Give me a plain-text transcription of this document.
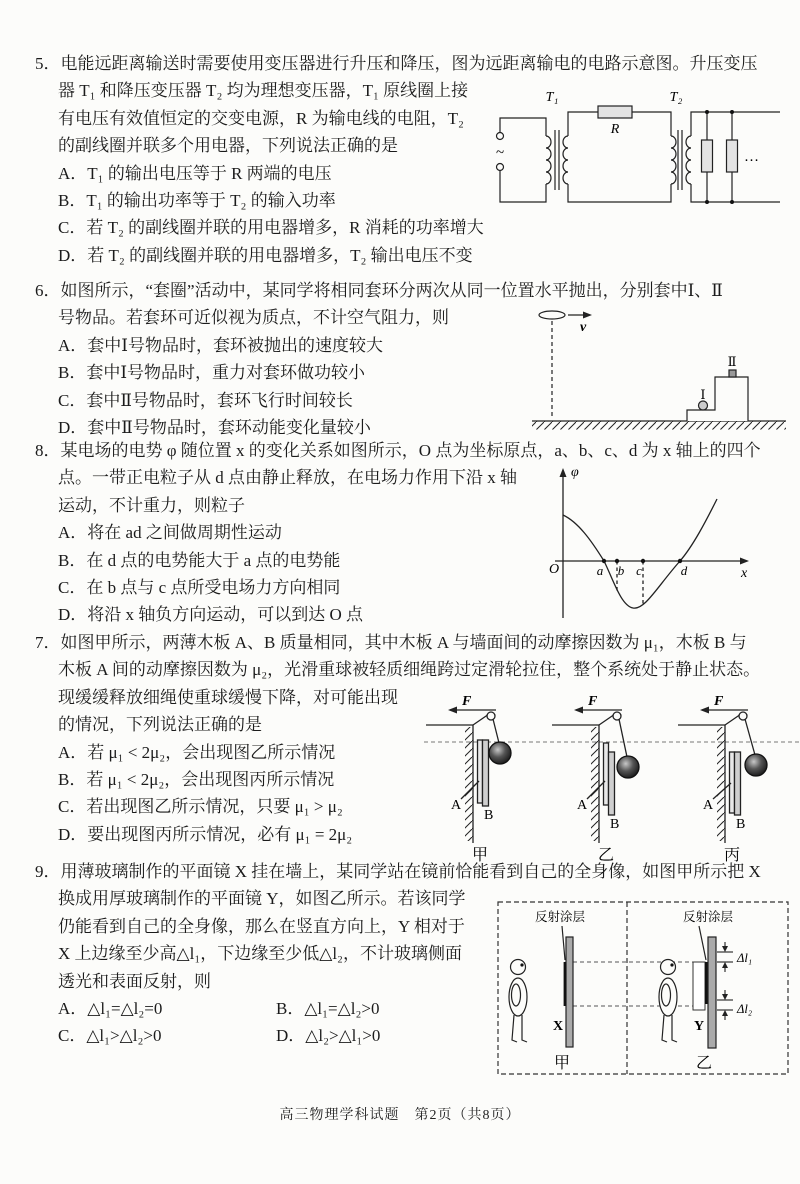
5．电能远距离输送时需要使用变压器进行升压和降压，图为远距离输电的电路示意图。升压变压
器 T₁ 和降压变压器 T₂ 均为理想变压器，T₁ 原线圈上接
有电压有效值恒定的交变电源，R 为输电线的电阻，T₂
的副线圈并联多个用电器，下列说法正确的是
A．T₁ 的输出电压等于 R 两端的电压
B．T₁ 的输出功率等于 T₂ 的输入功率
C．若 T₂ 的副线圈并联的用电器增多，R 消耗的功率增大
D．若 T₂ 的副线圈并联的用电器增多，T₂ 输出电压不变
T₁	T₂
R
~	…
6．如图所示，“套圈”活动中，某同学将相同套环分两次从同一位置水平抛出，分别套中Ⅰ、Ⅱ
号物品。若套环可近似视为质点，不计空气阻力，则
A．套中Ⅰ号物品时，套环被抛出的速度较大
B．套中Ⅰ号物品时，重力对套环做功较小
C．套中Ⅱ号物品时，套环飞行时间较长
D．套中Ⅱ号物品时，套环动能变化量较小
v
Ⅰ
Ⅱ
8．某电场的电势 φ 随位置 x 的变化关系如图所示，O 点为坐标原点，a、b、c、d 为 x 轴上的四个
点。一带正电粒子从 d 点由静止释放，在电场力作用下沿 x 轴
运动，不计重力，则粒子
A．将在 ad 之间做周期性运动
B．在 d 点的电势能大于 a 点的电势能
C．在 b 点与 c 点所受电场力方向相同
D．将沿 x 轴负方向运动，可以到达 O 点
φ
x
O	a b c	d
7．如图甲所示，两薄木板 A、B 质量相同，其中木板 A 与墙面间的动摩擦因数为 μ₁，木板 B 与
木板 A 间的动摩擦因数为 μ₂，光滑重球被轻质细绳跨过定滑轮拉住，整个系统处于静止状态。
现缓缓释放细绳使重球缓慢下降，对可能出现
的情况，下列说法正确的是
A．若 μ₁ < 2μ₂，会出现图乙所示情况
B．若 μ₁ < 2μ₂，会出现图丙所示情况
C．若出现图乙所示情况，只要 μ₁ > μ₂
D．要出现图丙所示情况，必有 μ₁ = 2μ₂
F
A
B
甲
F
A
B
乙
F
A
B
丙
9．用薄玻璃制作的平面镜 X 挂在墙上，某同学站在镜前恰能看到自己的全身像，如图甲所示把 X
换成用厚玻璃制作的平面镜 Y，如图乙所示。若该同学
仍能看到自己的全身像，那么在竖直方向上，Y 相对于
X 上边缘至少高△l₁，下边缘至少低△l₂，不计玻璃侧面
透光和表面反射，则
A．△l₁=△l₂=0	B．△l₁=△l₂>0
C．△l₁>△l₂>0	D．△l₂>△l₁>0
反射涂层
X
甲
反射涂层
Δl₁
Δl₂
Y
乙
高三物理学科试题　第2页（共8页）
